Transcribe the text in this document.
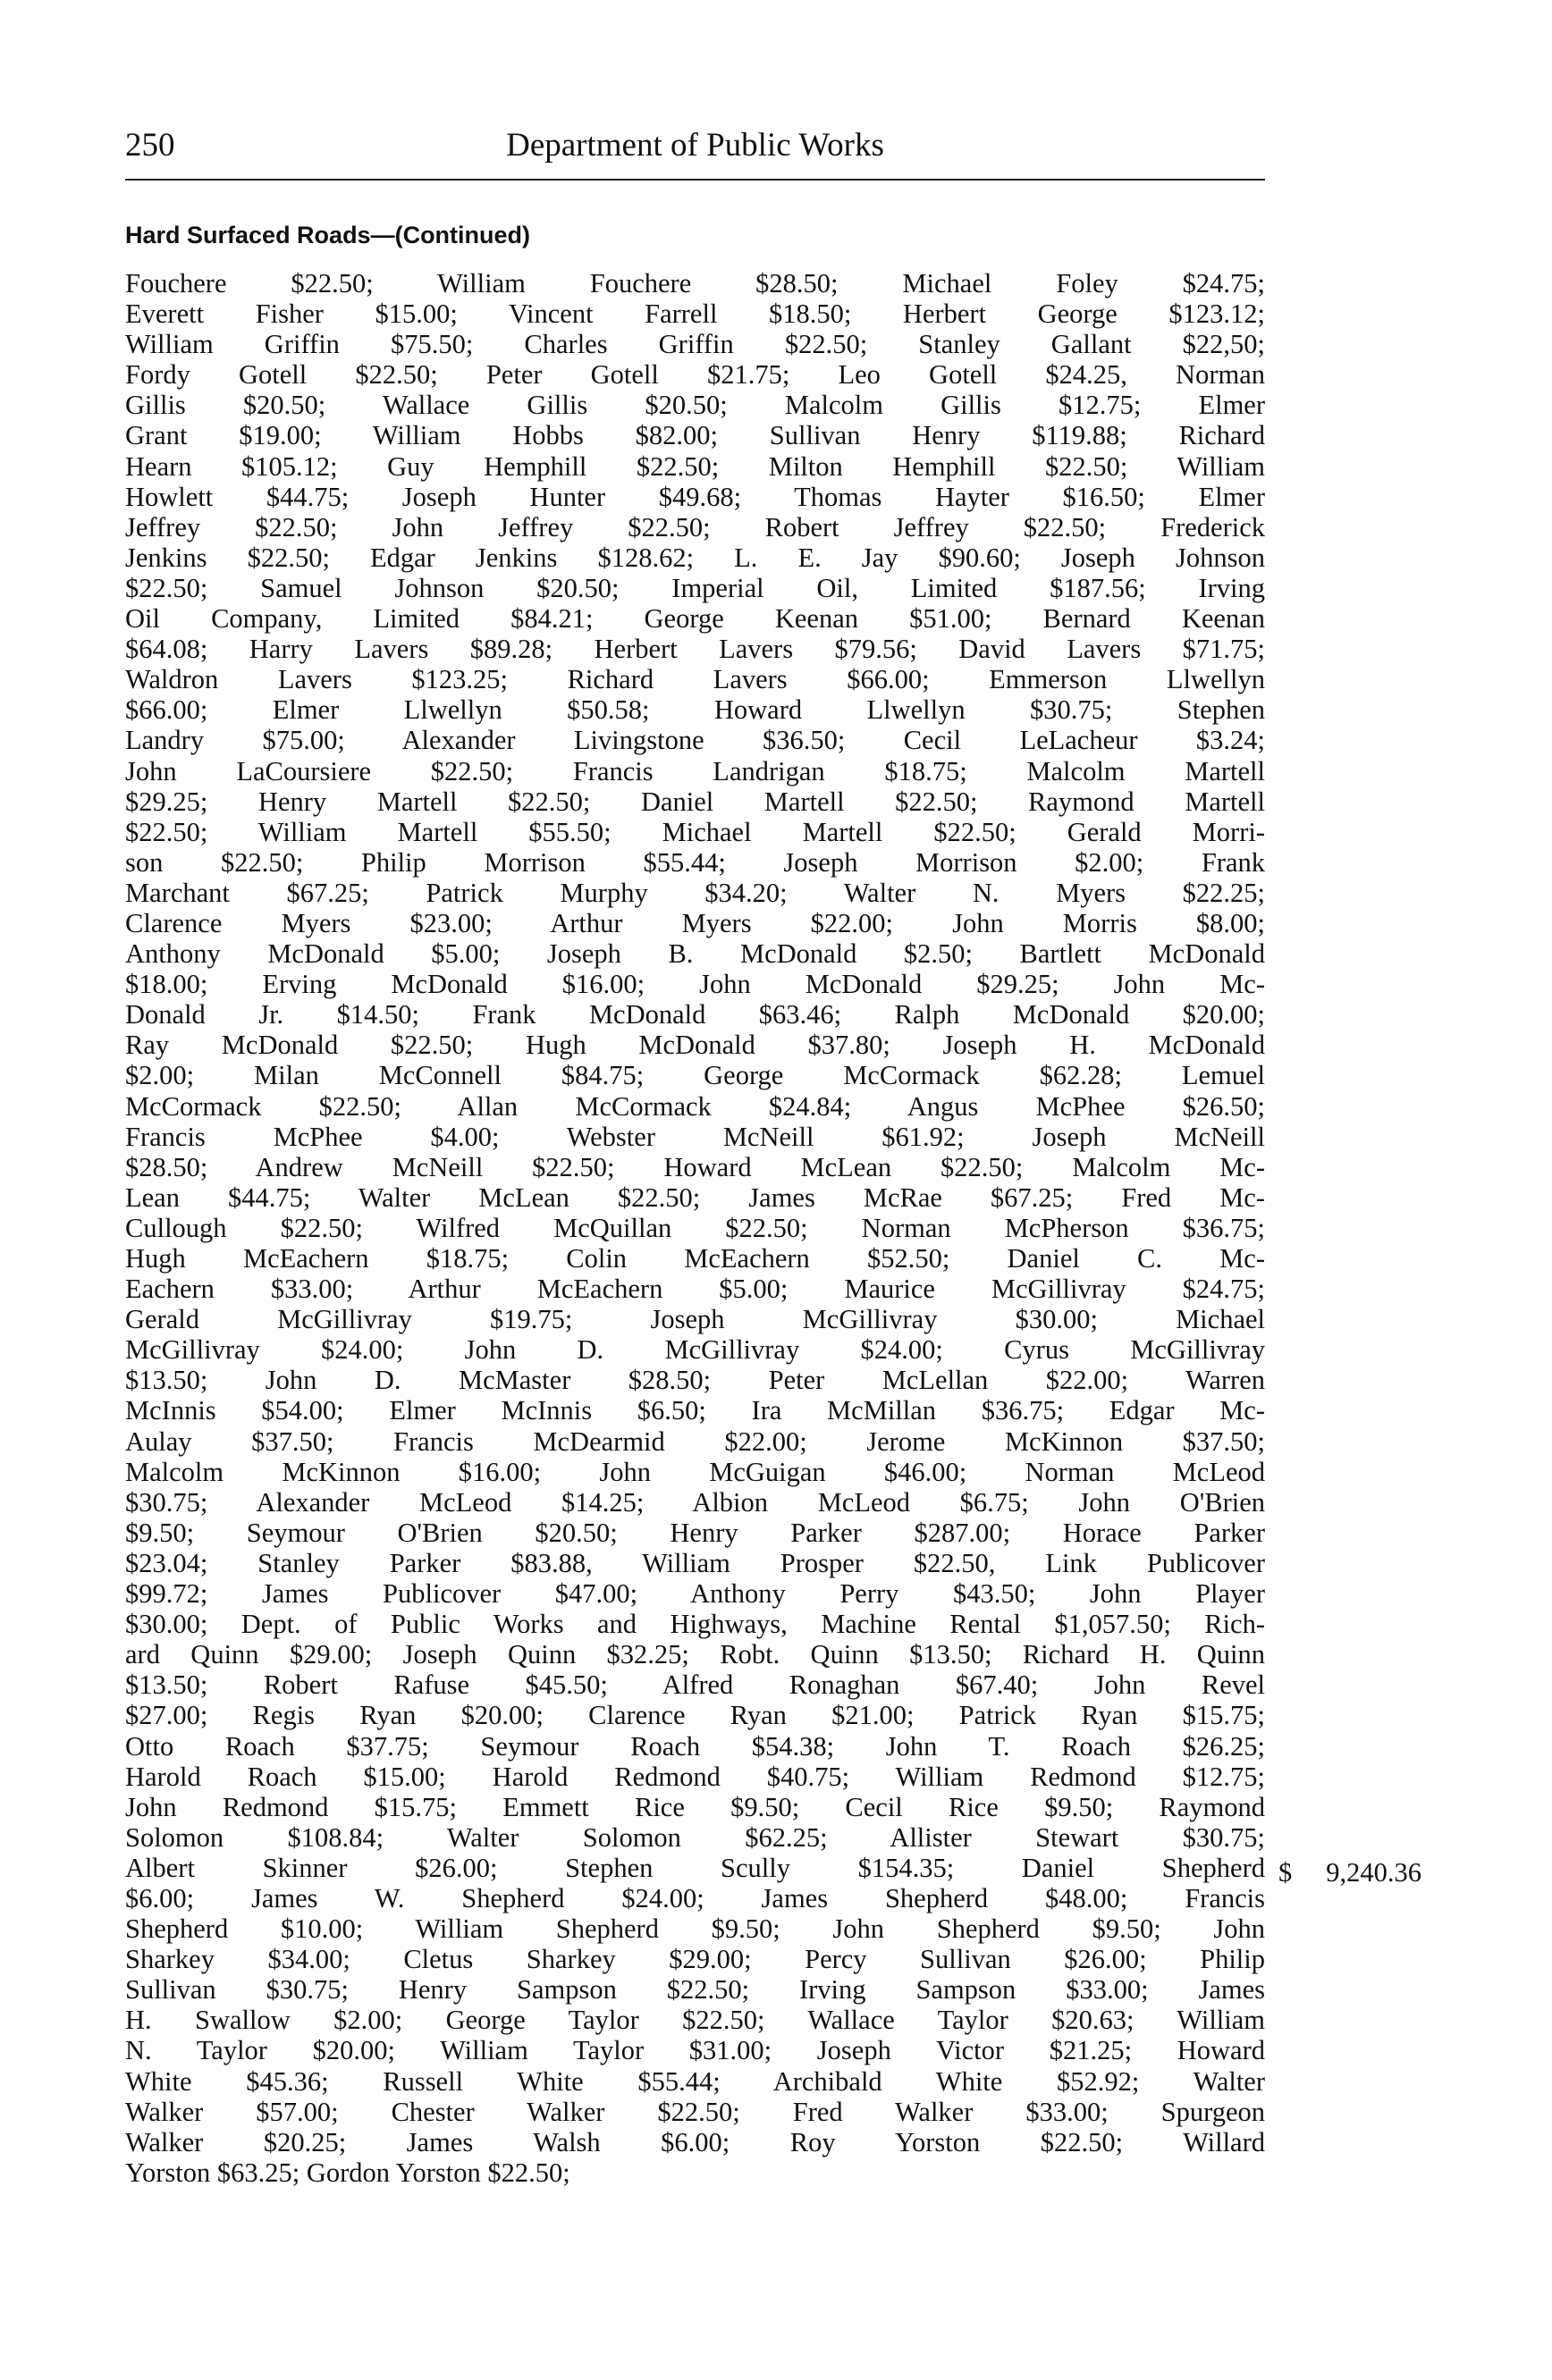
250	Department of Public Works
Hard Surfaced Roads—(Continued)
Fouchere $22.50; William Fouchere $28.50; Michael Foley $24.75;
Everett Fisher $15.00; Vincent Farrell $18.50; Herbert George $123.12;
William Griffin $75.50; Charles Griffin $22.50; Stanley Gallant $22,50;
Fordy Gotell $22.50; Peter Gotell $21.75; Leo Gotell $24.25, Norman
Gillis $20.50; Wallace Gillis $20.50; Malcolm Gillis $12.75; Elmer
Grant $19.00; William Hobbs $82.00; Sullivan Henry $119.88; Richard
Hearn $105.12; Guy Hemphill $22.50; Milton Hemphill $22.50; William
Howlett $44.75; Joseph Hunter $49.68; Thomas Hayter $16.50; Elmer
Jeffrey $22.50; John Jeffrey $22.50; Robert Jeffrey $22.50; Frederick
Jenkins $22.50; Edgar Jenkins $128.62; L. E. Jay $90.60; Joseph Johnson
$22.50; Samuel Johnson $20.50; Imperial Oil, Limited $187.56; Irving
Oil Company, Limited $84.21; George Keenan $51.00; Bernard Keenan
$64.08; Harry Lavers $89.28; Herbert Lavers $79.56; David Lavers $71.75;
Waldron Lavers $123.25; Richard Lavers $66.00; Emmerson Llwellyn
$66.00; Elmer Llwellyn $50.58; Howard Llwellyn $30.75; Stephen
Landry $75.00; Alexander Livingstone $36.50; Cecil LeLacheur $3.24;
John LaCoursiere $22.50; Francis Landrigan $18.75; Malcolm Martell
$29.25; Henry Martell $22.50; Daniel Martell $22.50; Raymond Martell
$22.50; William Martell $55.50; Michael Martell $22.50; Gerald Morri-
son $22.50; Philip Morrison $55.44; Joseph Morrison $2.00; Frank
Marchant $67.25; Patrick Murphy $34.20; Walter N. Myers $22.25;
Clarence Myers $23.00; Arthur Myers $22.00; John Morris $8.00;
Anthony McDonald $5.00; Joseph B. McDonald $2.50; Bartlett McDonald
$18.00; Erving McDonald $16.00; John McDonald $29.25; John Mc-
Donald Jr. $14.50; Frank McDonald $63.46; Ralph McDonald $20.00;
Ray McDonald $22.50; Hugh McDonald $37.80; Joseph H. McDonald
$2.00; Milan McConnell $84.75; George McCormack $62.28; Lemuel
McCormack $22.50; Allan McCormack $24.84; Angus McPhee $26.50;
Francis McPhee $4.00; Webster McNeill $61.92; Joseph McNeill
$28.50; Andrew McNeill $22.50; Howard McLean $22.50; Malcolm Mc-
Lean $44.75; Walter McLean $22.50; James McRae $67.25; Fred Mc-
Cullough $22.50; Wilfred McQuillan $22.50; Norman McPherson $36.75;
Hugh McEachern $18.75; Colin McEachern $52.50; Daniel C. Mc-
Eachern $33.00; Arthur McEachern $5.00; Maurice McGillivray $24.75;
Gerald McGillivray $19.75; Joseph McGillivray $30.00; Michael
McGillivray $24.00; John D. McGillivray $24.00; Cyrus McGillivray
$13.50; John D. McMaster $28.50; Peter McLellan $22.00; Warren
McInnis $54.00; Elmer McInnis $6.50; Ira McMillan $36.75; Edgar Mc-
Aulay $37.50; Francis McDearmid $22.00; Jerome McKinnon $37.50;
Malcolm McKinnon $16.00; John McGuigan $46.00; Norman McLeod
$30.75; Alexander McLeod $14.25; Albion McLeod $6.75; John O'Brien
$9.50; Seymour O'Brien $20.50; Henry Parker $287.00; Horace Parker
$23.04; Stanley Parker $83.88, William Prosper $22.50, Link Publicover
$99.72; James Publicover $47.00; Anthony Perry $43.50; John Player
$30.00; Dept. of Public Works and Highways, Machine Rental $1,057.50; Rich-
ard Quinn $29.00; Joseph Quinn $32.25; Robt. Quinn $13.50; Richard H. Quinn
$13.50; Robert Rafuse $45.50; Alfred Ronaghan $67.40; John Revel
$27.00; Regis Ryan $20.00; Clarence Ryan $21.00; Patrick Ryan $15.75;
Otto Roach $37.75; Seymour Roach $54.38; John T. Roach $26.25;
Harold Roach $15.00; Harold Redmond $40.75; William Redmond $12.75;
John Redmond $15.75; Emmett Rice $9.50; Cecil Rice $9.50; Raymond
Solomon $108.84; Walter Solomon $62.25; Allister Stewart $30.75;
Albert Skinner $26.00; Stephen Scully $154.35; Daniel Shepherd
$6.00; James W. Shepherd $24.00; James Shepherd $48.00; Francis
Shepherd $10.00; William Shepherd $9.50; John Shepherd $9.50; John
Sharkey $34.00; Cletus Sharkey $29.00; Percy Sullivan $26.00; Philip
Sullivan $30.75; Henry Sampson $22.50; Irving Sampson $33.00; James
H. Swallow $2.00; George Taylor $22.50; Wallace Taylor $20.63; William
N. Taylor $20.00; William Taylor $31.00; Joseph Victor $21.25; Howard
White $45.36; Russell White $55.44; Archibald White $52.92; Walter
Walker $57.00; Chester Walker $22.50; Fred Walker $33.00; Spurgeon
Walker $20.25; James Walsh $6.00; Roy Yorston $22.50; Willard
Yorston $63.25; Gordon Yorston $22.50;
$ 9,240.36
